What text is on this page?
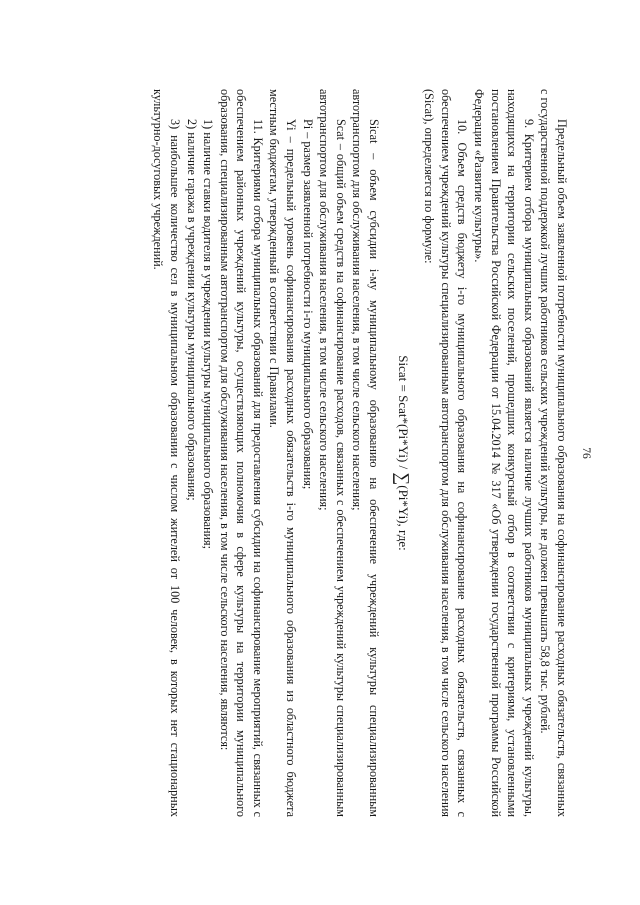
76

Предельный объем заявленной потребности муниципального образования на софинансирование расходных обязательств, связанных с государственной поддержкой лучших работников сельских учреждений культуры, не должен превышать 58,8 тыс. рублей.

9. Критерием отбора муниципальных образований является наличие лучших работников муниципальных учреждений культуры, находящихся на территории сельских поселений, прошедших конкурсный отбор в соответствии с критериями, установленными постановлением Правительства Российской Федерации от 15.04.2014 № 317 «Об утверждении государственной программы Российской Федерации «Развитие культуры».

10. Объем средств бюджету i-го муниципального образования на софинансирование расходных обязательств, связанных с обеспечением учреждений культуры специализированным автотранспортом для обслуживания населения, в том числе сельского населения (Sicat), определяется по формуле:

Sicat = Scat*(Pi*Yi) / ∑(Pi*Yi), где:

Sicat – объем субсидии i-му муниципальному образованию на обеспечение учреждений культуры специализированным автотранспортом для обслуживания населения, в том числе сельского населения;

Scat – общий объем средств на софинансирование расходов, связанных с обеспечением учреждений культуры специализированным автотранспортом для обслуживания населения, в том числе сельского населения;

Pi – размер заявленной потребности i-го муниципального образования;

Yi – предельный уровень софинансирования расходных обязательств i-го муниципального образования из областного бюджета местным бюджетам, утвержденный в соответствии с Правилами.

11. Критериями отбора муниципальных образований для предоставления субсидии на софинансирование мероприятий, связанных с обеспечением районных учреждений культуры, осуществляющих полномочия в сфере культуры на территории муниципального образования, специализированным автотранспортом для обслуживания населения, в том числе сельского населения, являются:

1) наличие ставки водителя в учреждении культуры муниципального образования;

2) наличие гаража в учреждении культуры муниципального образования;

3) наибольшее количество сел в муниципальном образовании с числом жителей от 100 человек, в которых нет стационарных культурно-досуговых учреждений.
